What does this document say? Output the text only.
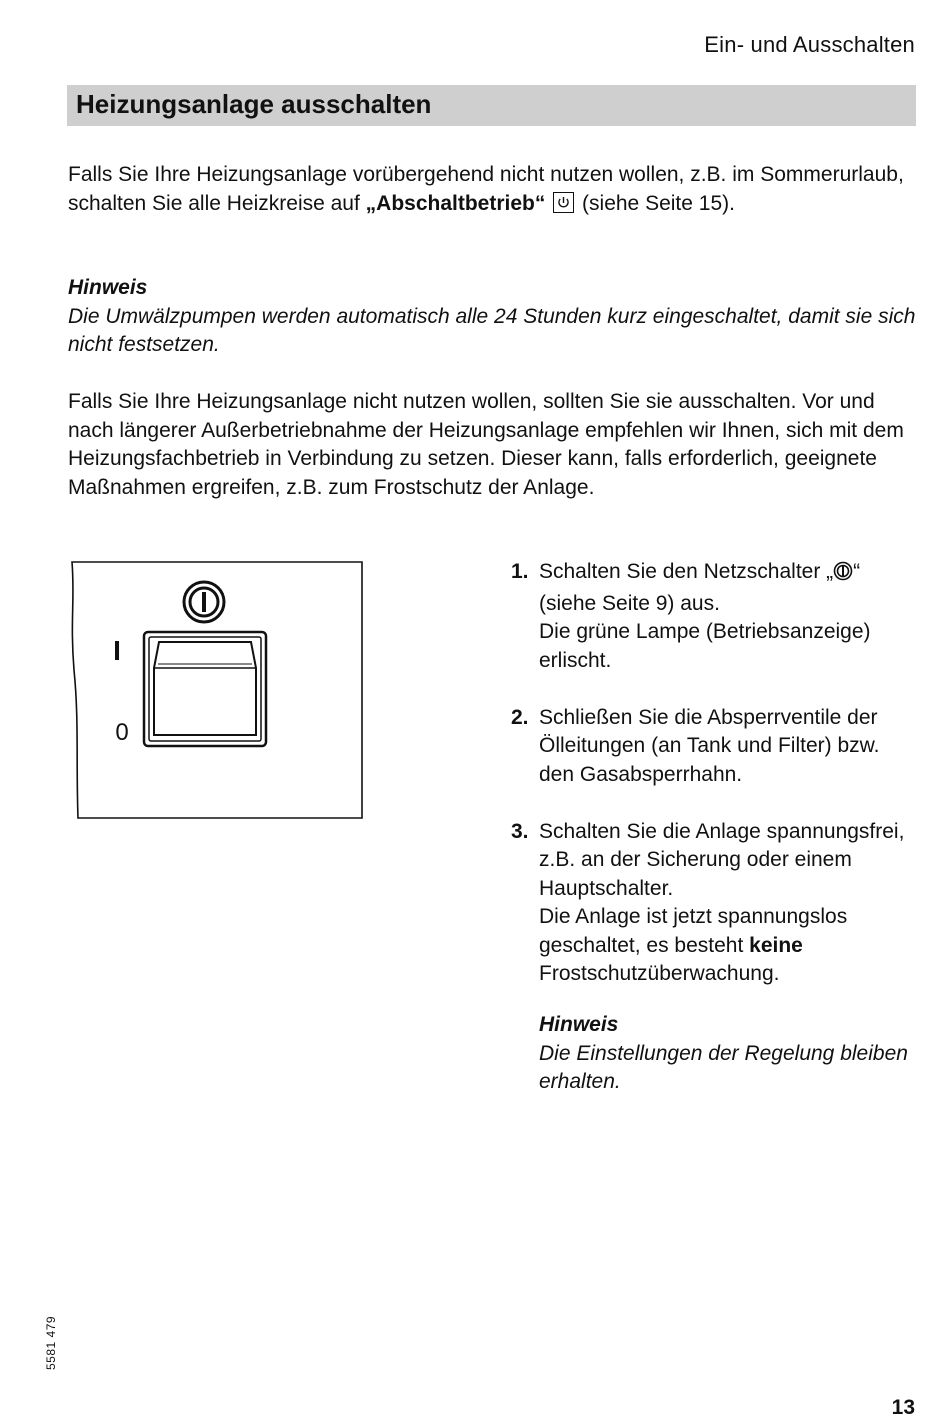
Ein- und Ausschalten
Heizungsanlage ausschalten

Falls Sie Ihre Heizungsanlage vorübergehend nicht nutzen wollen, z.B. im Sommerurlaub, schalten Sie alle Heizkreise auf „Abschaltbetrieb“
(siehe Seite 15).

Hinweis
Die Umwälzpumpen werden automatisch alle 24 Stunden kurz eingeschaltet, damit sie sich nicht festsetzen.

Falls Sie Ihre Heizungsanlage nicht nutzen wollen, sollten Sie sie ausschalten. Vor und nach längerer Außerbetriebnahme der Heizungsanlage empfehlen wir Ihnen, sich mit dem Heizungsfachbetrieb in Verbindung zu setzen. Dieser kann, falls erforderlich, geeignete Maßnahmen ergreifen, z.B. zum Frostschutz der Anlage.

I
0
1. Schalten Sie den Netzschalter „ “ (siehe Seite 9) aus.
Die grüne Lampe (Betriebsanzeige) erlischt.
2. Schließen Sie die Absperrventile der Ölleitungen (an Tank und Filter) bzw. den Gasabsperrhahn.
3. Schalten Sie die Anlage spannungsfrei, z.B. an der Sicherung oder einem Hauptschalter.
Die Anlage ist jetzt spannungslos geschaltet, es besteht keine Frostschutzüberwachung.
Hinweis
Die Einstellungen der Regelung bleiben erhalten.
5581 479
13
